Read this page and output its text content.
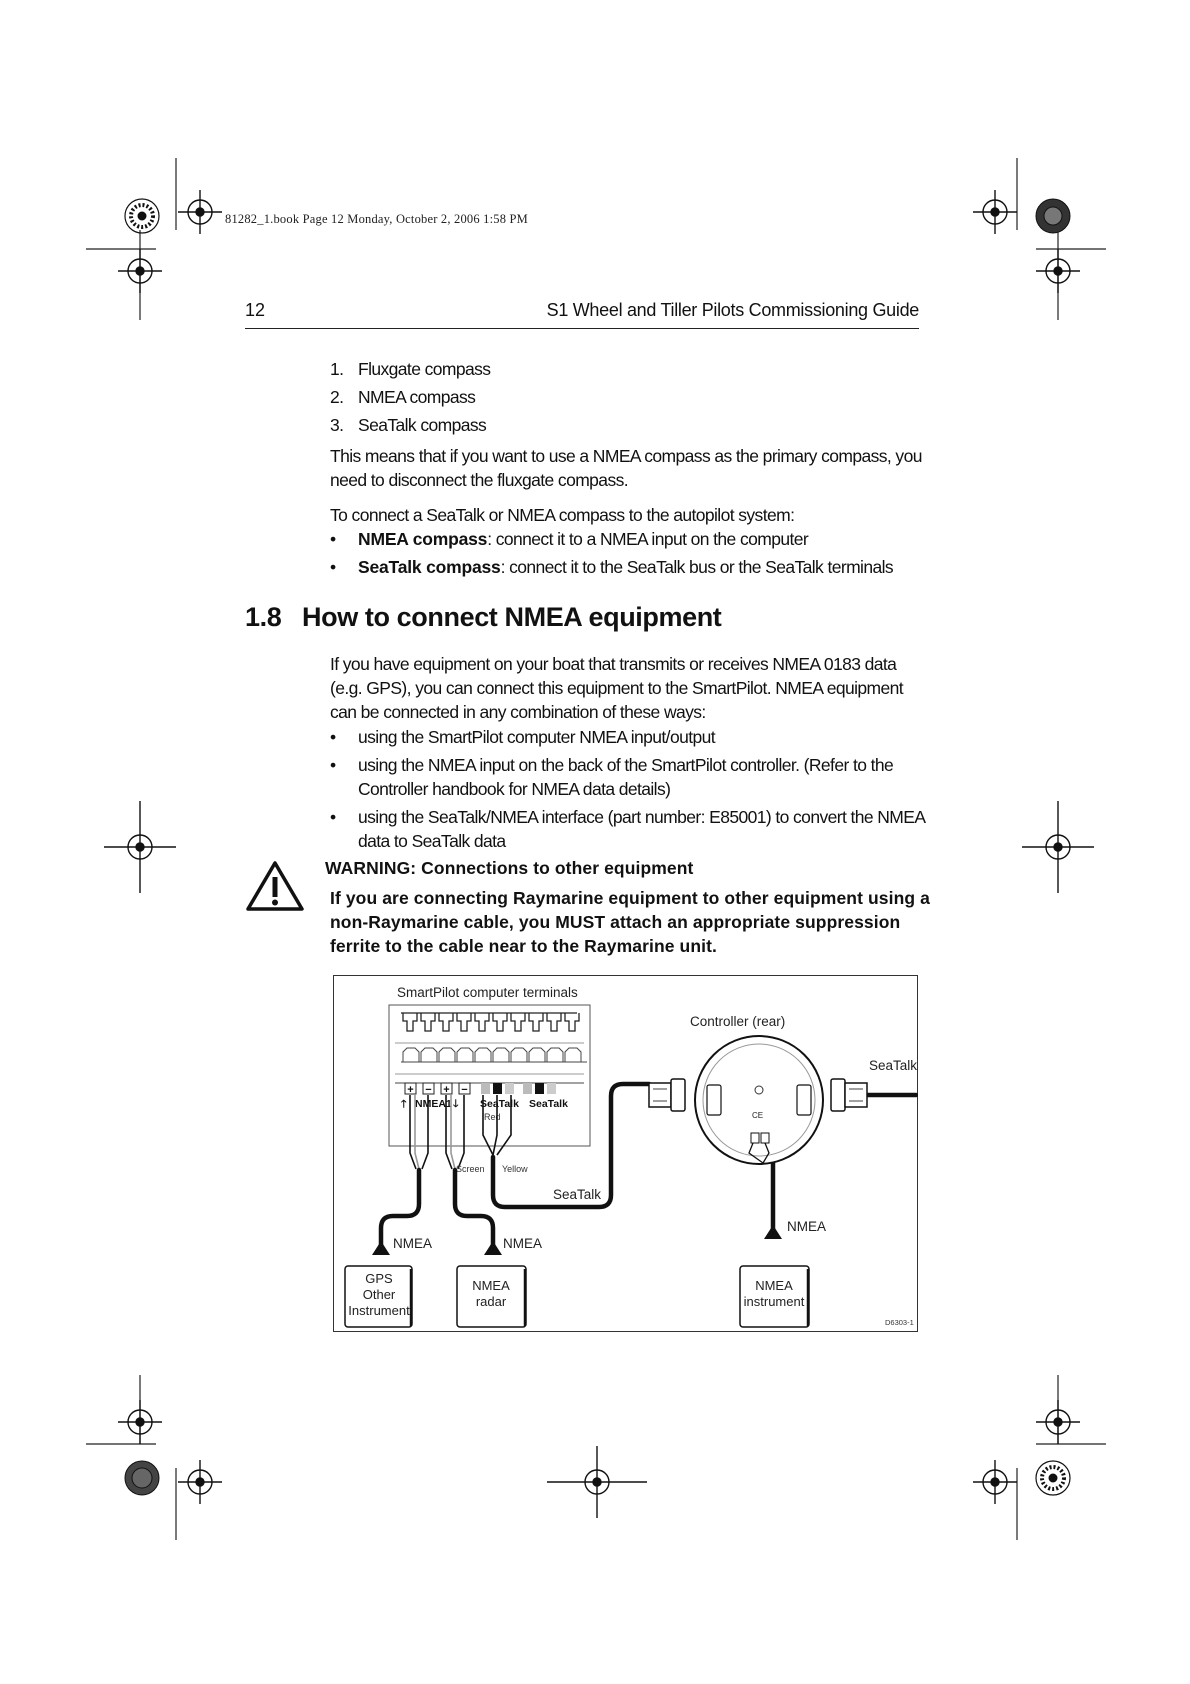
81282_1.book Page 12 Monday, October 2, 2006 1:58 PM
12	S1 Wheel and Tiller Pilots Commissioning Guide
1. Fluxgate compass
2. NMEA compass
3. SeaTalk compass
This means that if you want to use a NMEA compass as the primary compass, you need to disconnect the fluxgate compass.
To connect a SeaTalk or NMEA compass to the autopilot system:
•	NMEA compass: connect it to a NMEA input on the computer
•	SeaTalk compass: connect it to the SeaTalk bus or the SeaTalk terminals
1.8 How to connect NMEA equipment
If you have equipment on your boat that transmits or receives NMEA 0183 data (e.g. GPS), you can connect this equipment to the SmartPilot. NMEA equipment can be connected in any combination of these ways:
•	using the SmartPilot computer NMEA input/output
•	using the NMEA input on the back of the SmartPilot controller. (Refer to the Controller handbook for NMEA data details)
•	using the SeaTalk/NMEA interface (part number: E85001) to convert the NMEA data to SeaTalk data
WARNING: Connections to other equipment
If you are connecting Raymarine equipment to other equipment using a non-Raymarine cable, you MUST attach an appropriate suppression ferrite to the cable near to the Raymarine unit.
SmartPilot computer terminals
+ − + −
🡑 NMEA1 🡓 SeaTalk SeaTalk
Red
Screen Yellow
SeaTalk
NMEA	NMEA
NMEA
CE
Controller (rear)
SeaTalk
GPS
Other
Instrument
NMEA
radar
NMEA
instrument
D6303-1
